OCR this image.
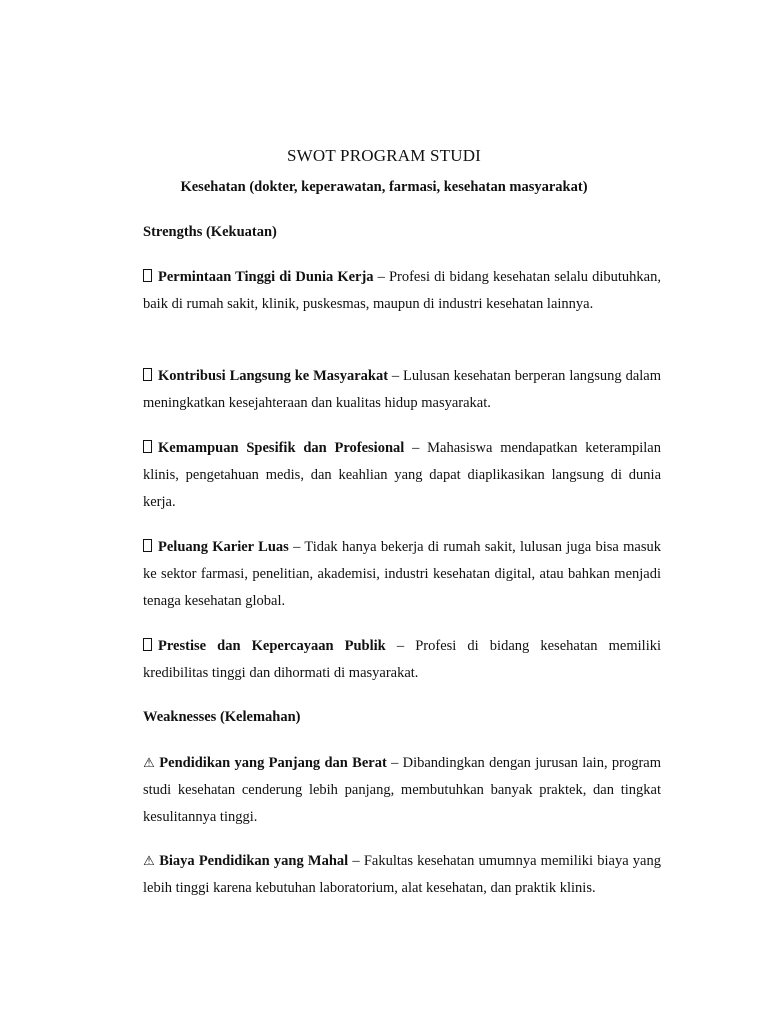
SWOT PROGRAM STUDI
Kesehatan (dokter, keperawatan, farmasi, kesehatan masyarakat)
Strengths (Kekuatan)

Permintaan Tinggi di Dunia Kerja – Profesi di bidang kesehatan selalu dibutuhkan, baik di rumah sakit, klinik, puskesmas, maupun di industri kesehatan lainnya.

Kontribusi Langsung ke Masyarakat – Lulusan kesehatan berperan langsung dalam meningkatkan kesejahteraan dan kualitas hidup masyarakat.

Kemampuan Spesifik dan Profesional – Mahasiswa mendapatkan keterampilan klinis, pengetahuan medis, dan keahlian yang dapat diaplikasikan langsung di dunia kerja.

Peluang Karier Luas – Tidak hanya bekerja di rumah sakit, lulusan juga bisa masuk ke sektor farmasi, penelitian, akademisi, industri kesehatan digital, atau bahkan menjadi tenaga kesehatan global.

Prestise dan Kepercayaan Publik – Profesi di bidang kesehatan memiliki kredibilitas tinggi dan dihormati di masyarakat.

Weaknesses (Kelemahan)

⚠ Pendidikan yang Panjang dan Berat – Dibandingkan dengan jurusan lain, program studi kesehatan cenderung lebih panjang, membutuhkan banyak praktek, dan tingkat kesulitannya tinggi.

⚠ Biaya Pendidikan yang Mahal – Fakultas kesehatan umumnya memiliki biaya yang lebih tinggi karena kebutuhan laboratorium, alat kesehatan, dan praktik klinis.
